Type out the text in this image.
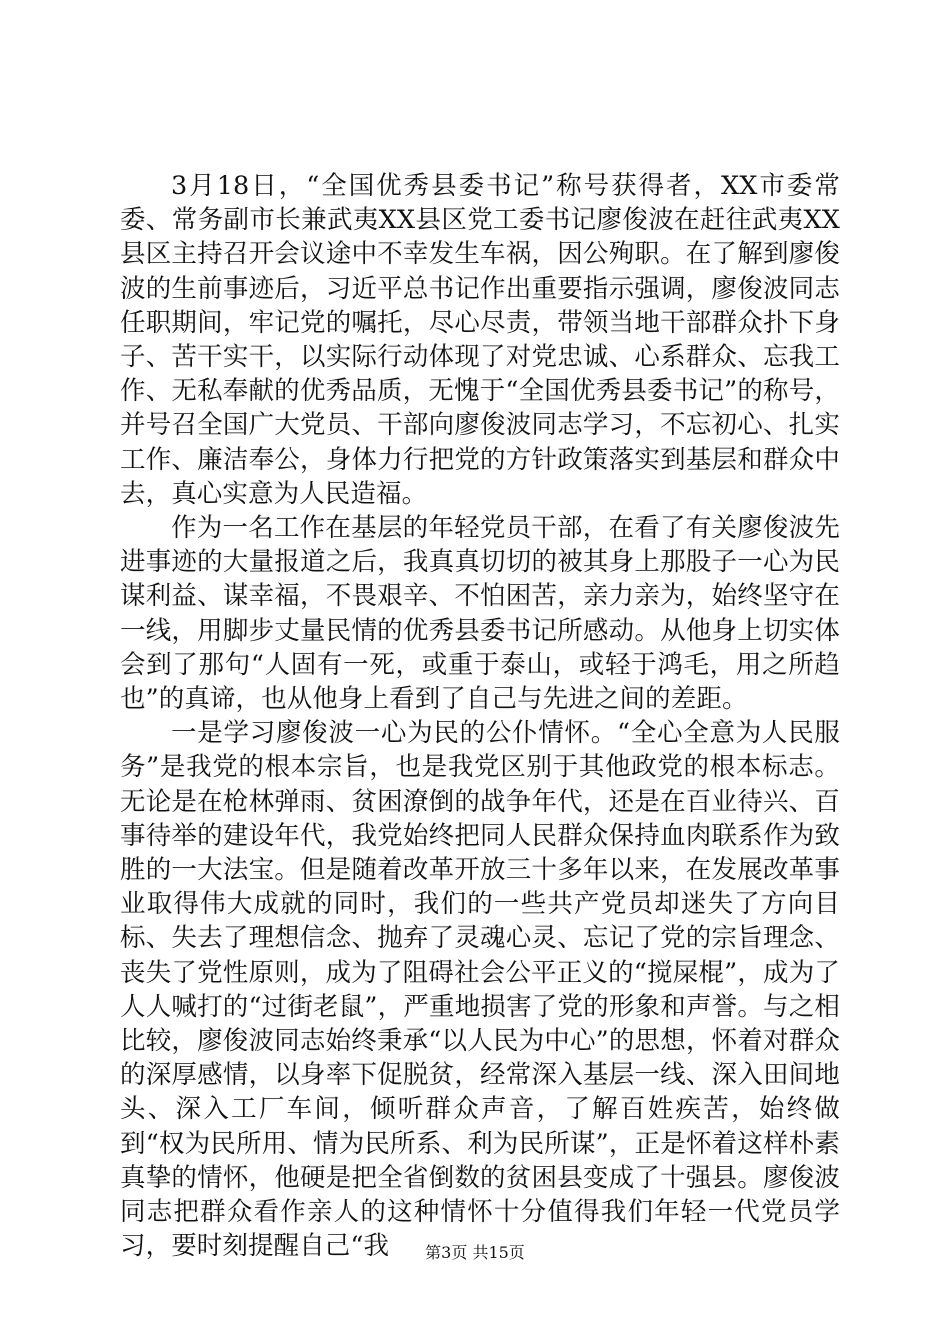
3月18日，“全国优秀县委书记”称号获得者，XX市委常委、常务副市长兼武夷XX县区党工委书记廖俊波在赶往武夷XX县区主持召开会议途中不幸发生车祸，因公殉职。在了解到廖俊波的生前事迹后，习近平总书记作出重要指示强调，廖俊波同志任职期间，牢记党的嘱托，尽心尽责，带领当地干部群众扑下身子、苦干实干，以实际行动体现了对党忠诚、心系群众、忘我工作、无私奉献的优秀品质，无愧于“全国优秀县委书记”的称号，并号召全国广大党员、干部向廖俊波同志学习，不忘初心、扎实工作、廉洁奉公，身体力行把党的方针政策落实到基层和群众中去，真心实意为人民造福。

作为一名工作在基层的年轻党员干部，在看了有关廖俊波先进事迹的大量报道之后，我真真切切的被其身上那股子一心为民谋利益、谋幸福，不畏艰辛、不怕困苦，亲力亲为，始终坚守在一线，用脚步丈量民情的优秀县委书记所感动。从他身上切实体会到了那句“人固有一死，或重于泰山，或轻于鸿毛，用之所趋也”的真谛，也从他身上看到了自己与先进之间的差距。

一是学习廖俊波一心为民的公仆情怀。“全心全意为人民服务”是我党的根本宗旨，也是我党区别于其他政党的根本标志。无论是在枪林弹雨、贫困潦倒的战争年代，还是在百业待兴、百事待举的建设年代，我党始终把同人民群众保持血肉联系作为致胜的一大法宝。但是随着改革开放三十多年以来，在发展改革事业取得伟大成就的同时，我们的一些共产党员却迷失了方向目标、失去了理想信念、抛弃了灵魂心灵、忘记了党的宗旨理念、丧失了党性原则，成为了阻碍社会公平正义的“搅屎棍”，成为了人人喊打的“过街老鼠”，严重地损害了党的形象和声誉。与之相比较，廖俊波同志始终秉承“以人民为中心”的思想，怀着对群众的深厚感情，以身率下促脱贫，经常深入基层一线、深入田间地头、深入工厂车间，倾听群众声音，了解百姓疾苦，始终做到“权为民所用、情为民所系、利为民所谋”，正是怀着这样朴素真挚的情怀，他硬是把全省倒数的贫困县变成了十强县。廖俊波同志把群众看作亲人的这种情怀十分值得我们年轻一代党员学习，要时刻提醒自己“我	第3页 共15页
